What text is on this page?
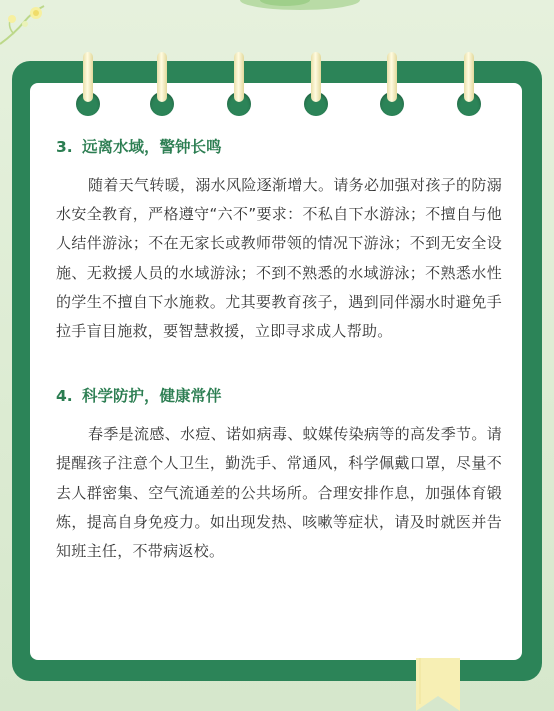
3. 远离水域，警钟长鸣

随着天气转暖，溺水风险逐渐增大。请务必加强对孩子的防溺水安全教育，严格遵守“六不”要求：不私自下水游泳；不擅自与他人结伴游泳；不在无家长或教师带领的情况下游泳；不到无安全设施、无救援人员的水域游泳；不到不熟悉的水域游泳；不熟悉水性的学生不擅自下水施救。尤其要教育孩子，遇到同伴溺水时避免手拉手盲目施救，要智慧救援，立即寻求成人帮助。

4. 科学防护，健康常伴

春季是流感、水痘、诺如病毒、蚊媒传染病等的高发季节。请提醒孩子注意个人卫生，勤洗手、常通风，科学佩戴口罩，尽量不去人群密集、空气流通差的公共场所。合理安排作息，加强体育锻炼，提高自身免疫力。如出现发热、咳嗽等症状，请及时就医并告知班主任，不带病返校。
